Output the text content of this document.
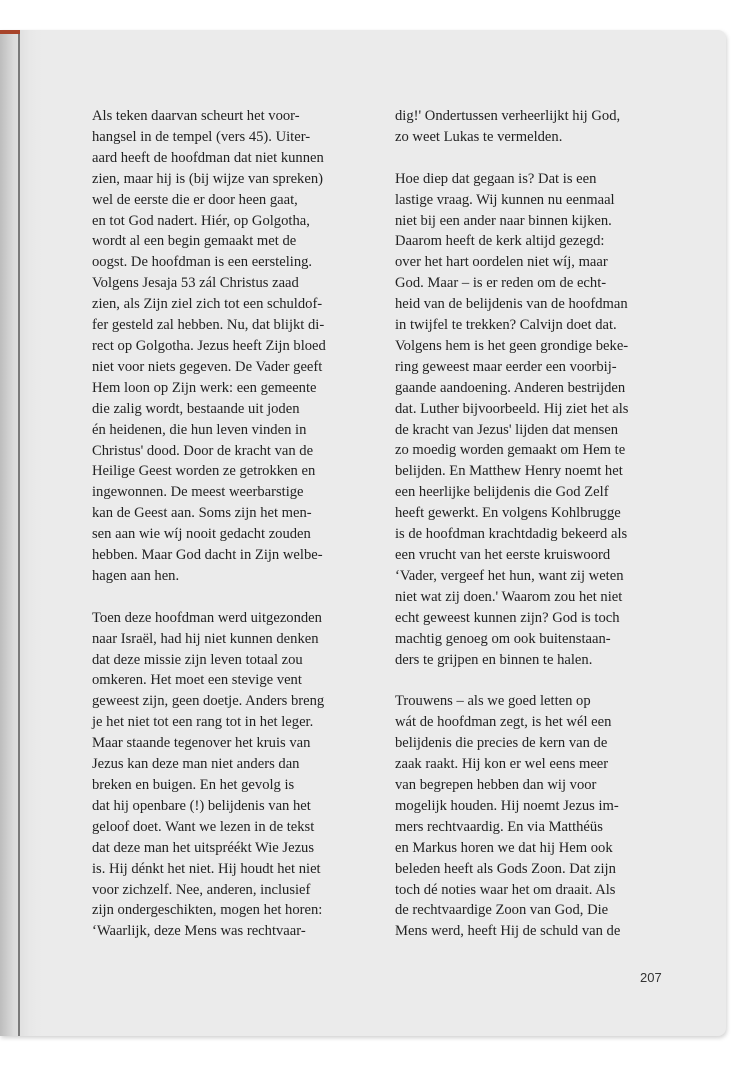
Als teken daarvan scheurt het voor-
hangsel in de tempel (vers 45). Uiter-
aard heeft de hoofdman dat niet kunnen
zien, maar hij is (bij wijze van spreken)
wel de eerste die er door heen gaat,
en tot God nadert. Hiér, op Golgotha,
wordt al een begin gemaakt met de
oogst. De hoofdman is een eersteling.
Volgens Jesaja 53 zál Christus zaad
zien, als Zijn ziel zich tot een schuldof-
fer gesteld zal hebben. Nu, dat blijkt di-
rect op Golgotha. Jezus heeft Zijn bloed
niet voor niets gegeven. De Vader geeft
Hem loon op Zijn werk: een gemeente
die zalig wordt, bestaande uit joden
én heidenen, die hun leven vinden in
Christus' dood. Door de kracht van de
Heilige Geest worden ze getrokken en
ingewonnen. De meest weerbarstige
kan de Geest aan. Soms zijn het men-
sen aan wie wíj nooit gedacht zouden
hebben. Maar God dacht in Zijn welbe-
hagen aan hen.

Toen deze hoofdman werd uitgezonden
naar Israël, had hij niet kunnen denken
dat deze missie zijn leven totaal zou
omkeren. Het moet een stevige vent
geweest zijn, geen doetje. Anders breng
je het niet tot een rang tot in het leger.
Maar staande tegenover het kruis van
Jezus kan deze man niet anders dan
breken en buigen. En het gevolg is
dat hij openbare (!) belijdenis van het
geloof doet. Want we lezen in de tekst
dat deze man het uitspréékt Wie Jezus
is. Hij dénkt het niet. Hij houdt het niet
voor zichzelf. Nee, anderen, inclusief
zijn ondergeschikten, mogen het horen:
‘Waarlijk, deze Mens was rechtvaar-

dig!' Ondertussen verheerlijkt hij God,
zo weet Lukas te vermelden.

Hoe diep dat gegaan is? Dat is een
lastige vraag. Wij kunnen nu eenmaal
niet bij een ander naar binnen kijken.
Daarom heeft de kerk altijd gezegd:
over het hart oordelen niet wíj, maar
God. Maar – is er reden om de echt-
heid van de belijdenis van de hoofdman
in twijfel te trekken? Calvijn doet dat.
Volgens hem is het geen grondige beke-
ring geweest maar eerder een voorbij-
gaande aandoening. Anderen bestrijden
dat. Luther bijvoorbeeld. Hij ziet het als
de kracht van Jezus' lijden dat mensen
zo moedig worden gemaakt om Hem te
belijden. En Matthew Henry noemt het
een heerlijke belijdenis die God Zelf
heeft gewerkt. En volgens Kohlbrugge
is de hoofdman krachtdadig bekeerd als
een vrucht van het eerste kruiswoord
‘Vader, vergeef het hun, want zij weten
niet wat zij doen.' Waarom zou het niet
echt geweest kunnen zijn? God is toch
machtig genoeg om ook buitenstaan-
ders te grijpen en binnen te halen.

Trouwens – als we goed letten op
wát de hoofdman zegt, is het wél een
belijdenis die precies de kern van de
zaak raakt. Hij kon er wel eens meer
van begrepen hebben dan wij voor
mogelijk houden. Hij noemt Jezus im-
mers rechtvaardig. En via Matthéüs
en Markus horen we dat hij Hem ook
beleden heeft als Gods Zoon. Dat zijn
toch dé noties waar het om draait. Als
de rechtvaardige Zoon van God, Die
Mens werd, heeft Hij de schuld van de

207
